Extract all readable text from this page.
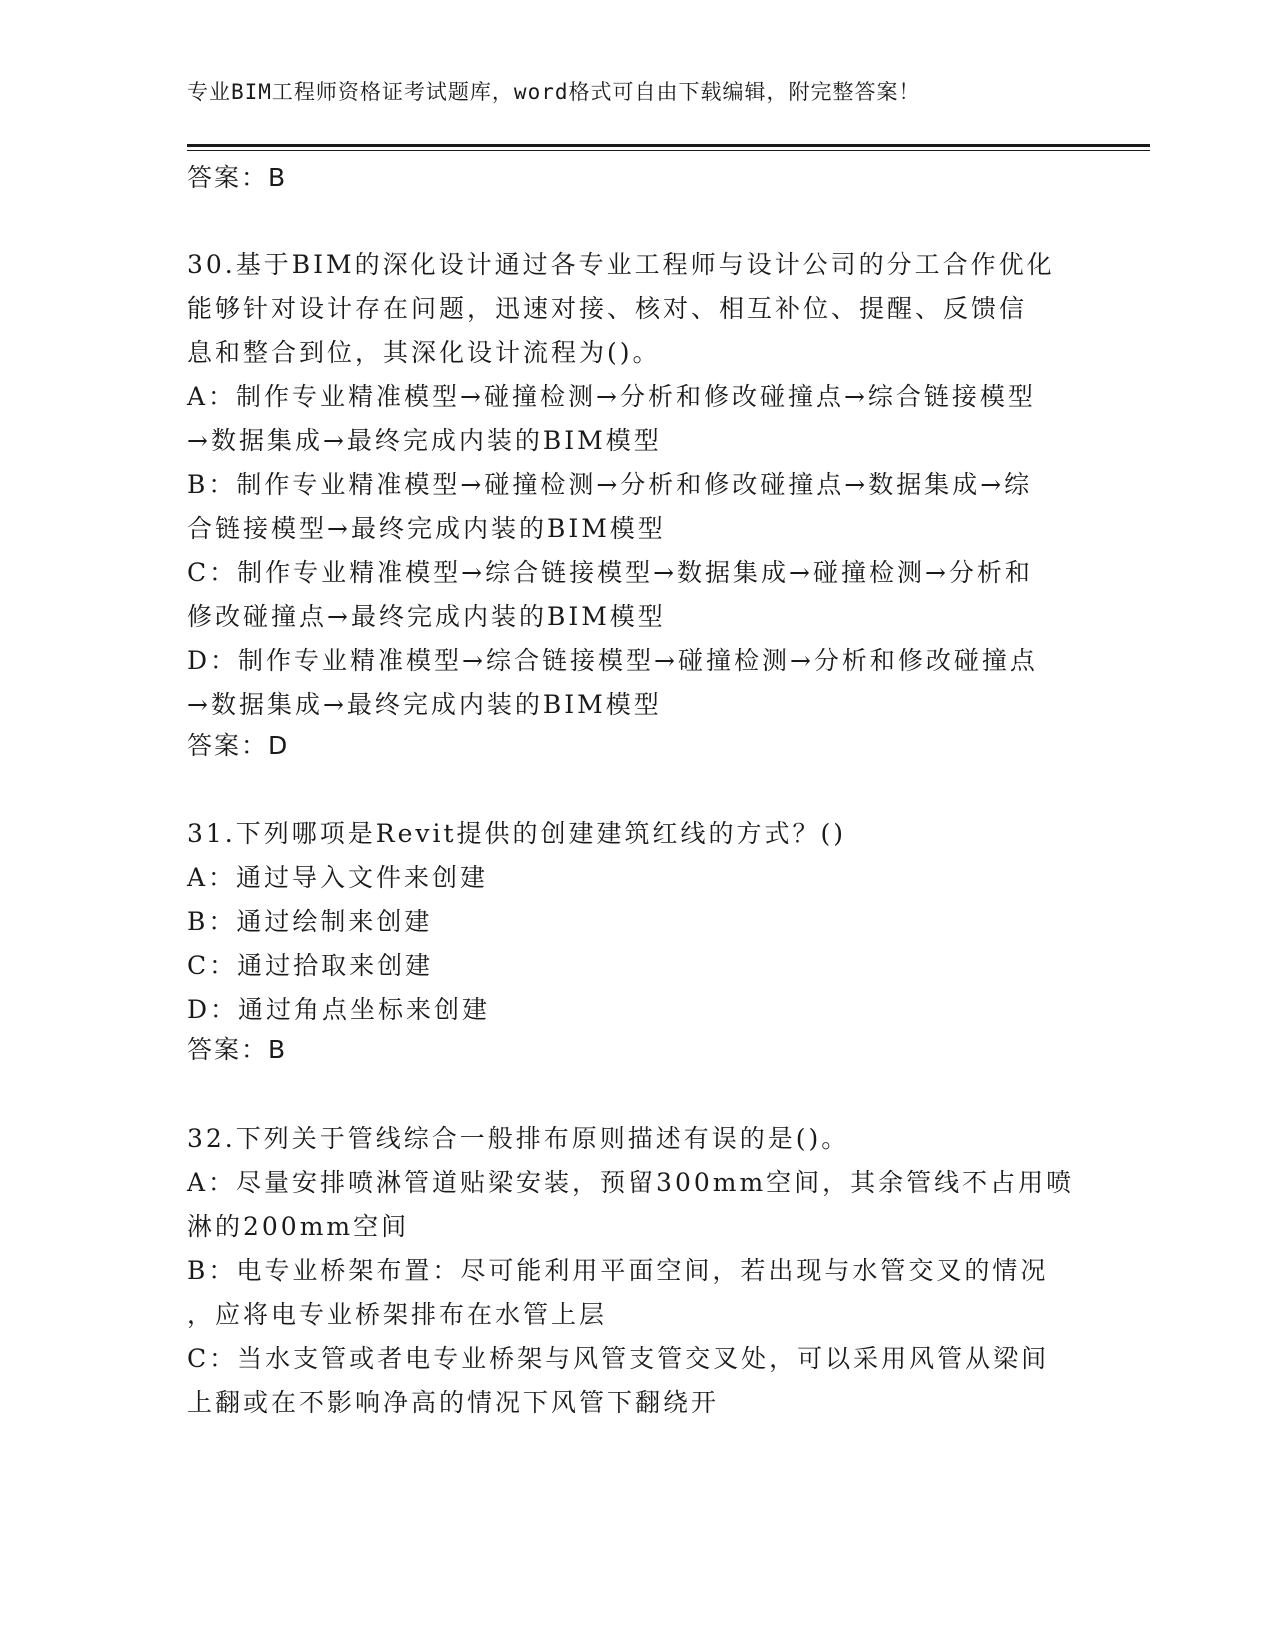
专业BIM工程师资格证考试题库，word格式可自由下载编辑，附完整答案！
答案：B
30.基于BIM的深化设计通过各专业工程师与设计公司的分工合作优化
能够针对设计存在问题，迅速对接、核对、相互补位、提醒、反馈信
息和整合到位，其深化设计流程为()。
A：制作专业精准模型→碰撞检测→分析和修改碰撞点→综合链接模型
→数据集成→最终完成内装的BIM模型
B：制作专业精准模型→碰撞检测→分析和修改碰撞点→数据集成→综
合链接模型→最终完成内装的BIM模型
C：制作专业精准模型→综合链接模型→数据集成→碰撞检测→分析和
修改碰撞点→最终完成内装的BIM模型
D：制作专业精准模型→综合链接模型→碰撞检测→分析和修改碰撞点
→数据集成→最终完成内装的BIM模型
答案：D
31.下列哪项是Revit提供的创建建筑红线的方式？()
A：通过导入文件来创建
B：通过绘制来创建
C：通过拾取来创建
D：通过角点坐标来创建
答案：B
32.下列关于管线综合一般排布原则描述有误的是()。
A：尽量安排喷淋管道贴梁安装，预留300mm空间，其余管线不占用喷
淋的200mm空间
B：电专业桥架布置：尽可能利用平面空间，若出现与水管交叉的情况
，应将电专业桥架排布在水管上层
C：当水支管或者电专业桥架与风管支管交叉处，可以采用风管从梁间
上翻或在不影响净高的情况下风管下翻绕开
